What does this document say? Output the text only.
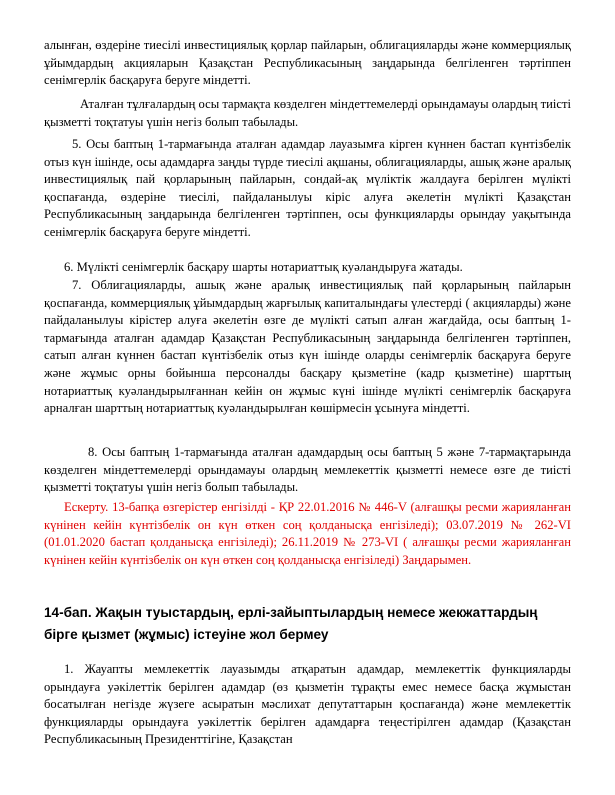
алынған, өздеріне тиесілі инвестициялық қорлар пайларын, облигацияларды және коммерциялық ұйымдардың акцияларын Қазақстан Республикасының заңдарында белгіленген тәртіппен сенімгерлік басқаруға беруге міндетті.

Аталған тұлғалардың осы тармақта көзделген міндеттемелерді орындамауы олардың тиісті қызметті тоқтатуы үшін негіз болып табылады.

5. Осы баптың 1-тармағында аталған адамдар лауазымға кірген күннен бастап күнтізбелік отыз күн ішінде, осы адамдарға заңды түрде тиесілі ақшаны, облигацияларды, ашық және аралық инвестициялық пай қорларының пайларын, сондай-ақ мүліктік жалдауға берілген мүлікті қоспағанда, өздеріне тиесілі, пайдаланылуы кіріс алуға әкелетін мүлікті Қазақстан Республикасының заңдарында белгіленген тәртіппен, осы функцияларды орындау уақытында сенімгерлік басқаруға беруге міндетті.

6. Мүлікті сенімгерлік басқару шарты нотариаттық куәландыруға жатады.

7. Облигацияларды, ашық және аралық инвестициялық пай қорларының пайларын қоспағанда, коммерциялық ұйымдардың жарғылық капиталындағы үлестерді ( акцияларды) және пайдаланылуы кірістер алуға әкелетін өзге де мүлікті сатып алған жағдайда, осы баптың 1-тармағында аталған адамдар Қазақстан Республикасының заңдарында белгіленген тәртіппен, сатып алған күннен бастап күнтізбелік отыз күн ішінде оларды сенімгерлік басқаруға беруге және жұмыс орны бойынша персоналды басқару қызметіне (кадр қызметіне) шарттың нотариаттық куәландырылғаннан кейін он жұмыс күні ішінде мүлікті сенімгерлік басқаруға арналған шарттың нотариаттық куәландырылған көшірмесін ұсынуға міндетті.

8. Осы баптың 1-тармағында аталған адамдардың осы баптың 5 және 7-тармақтарында көзделген міндеттемелерді орындамауы олардың мемлекеттік қызметті немесе өзге де тиісті қызметті тоқтатуы үшін негіз болып табылады.

Ескерту. 13-бапқа өзгерістер енгізілді - ҚР 22.01.2016 № 446-V (алғашқы ресми жарияланған күнінен кейін күнтізбелік он күн өткен соң қолданысқа енгізіледі); 03.07.2019 № 262-VI (01.01.2020 бастап қолданысқа енгізіледі); 26.11.2019 № 273-VI ( алғашқы ресми жарияланған күнінен кейін күнтізбелік он күн өткен соң қолданысқа енгізіледі) Заңдарымен.

14-бап. Жақын туыстардың, ерлі-зайыптылардың немесе жекжаттардың бірге қызмет (жұмыс) істеуіне жол бермеу

1. Жауапты мемлекеттік лауазымды атқаратын адамдар, мемлекеттік функцияларды орындауға уәкілеттік берілген адамдар (өз қызметін тұрақты емес немесе басқа жұмыстан босатылған негізде жүзеге асыратын мәслихат депутаттарын қоспағанда) және мемлекеттік функцияларды орындауға уәкілеттік берілген адамдарға теңестірілген адамдар (Қазақстан Республикасының Президенттігіне, Қазақстан
